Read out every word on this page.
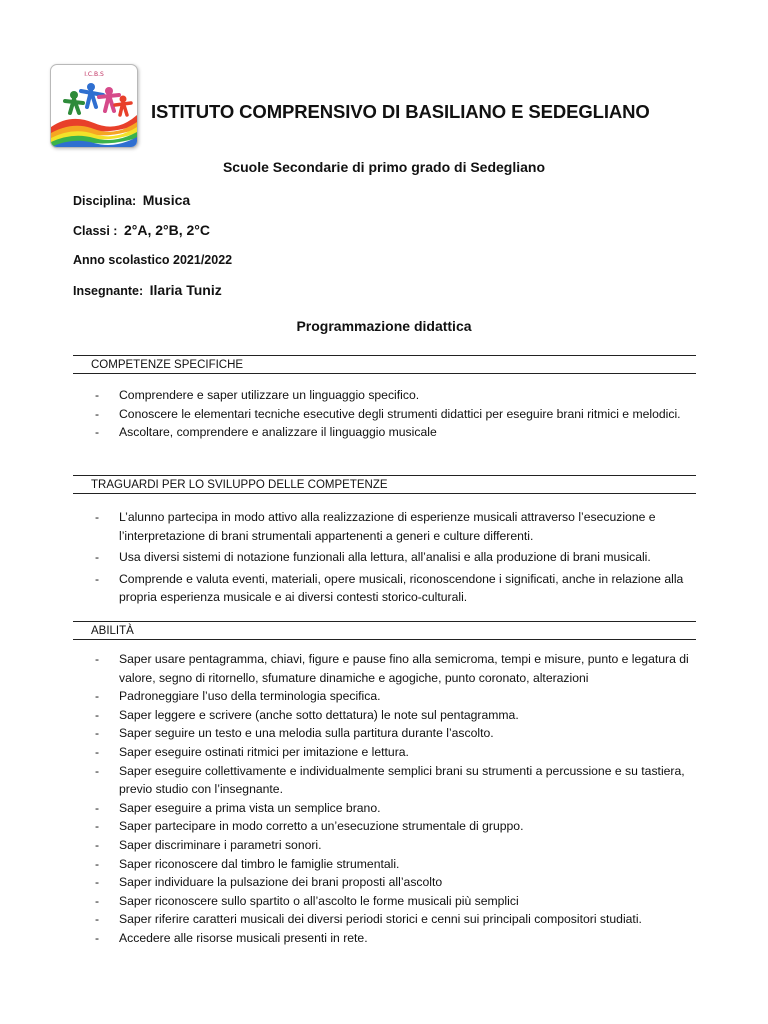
I.C.B.S
ISTITUTO COMPRENSIVO DI BASILIANO E SEDEGLIANO
Scuole Secondarie di primo grado di Sedegliano
Disciplina: Musica
Classi : 2°A, 2°B, 2°C
Anno scolastico 2021/2022
Insegnante: Ilaria Tuniz
Programmazione didattica
COMPETENZE SPECIFICHE
- Comprendere e saper utilizzare un linguaggio specifico.
- Conoscere le elementari tecniche esecutive degli strumenti didattici per eseguire brani ritmici e melodici.
- Ascoltare, comprendere e analizzare il linguaggio musicale
TRAGUARDI PER LO SVILUPPO DELLE COMPETENZE
- L’alunno partecipa in modo attivo alla realizzazione di esperienze musicali attraverso l’esecuzione e l’interpretazione di brani strumentali appartenenti a generi e culture differenti.
- Usa diversi sistemi di notazione funzionali alla lettura, all’analisi e alla produzione di brani musicali.
- Comprende e valuta eventi, materiali, opere musicali, riconoscendone i significati, anche in relazione alla propria esperienza musicale e ai diversi contesti storico-culturali.
ABILITÀ
- Saper usare pentagramma, chiavi, figure e pause fino alla semicroma, tempi e misure, punto e legatura di valore, segno di ritornello, sfumature dinamiche e agogiche, punto coronato, alterazioni
- Padroneggiare l’uso della terminologia specifica.
- Saper leggere e scrivere (anche sotto dettatura) le note sul pentagramma.
- Saper seguire un testo e una melodia sulla partitura durante l’ascolto.
- Saper eseguire ostinati ritmici per imitazione e lettura.
- Saper eseguire collettivamente e individualmente semplici brani su strumenti a percussione e su tastiera, previo studio con l’insegnante.
- Saper eseguire a prima vista un semplice brano.
- Saper partecipare in modo corretto a un’esecuzione strumentale di gruppo.
- Saper discriminare i parametri sonori.
- Saper riconoscere dal timbro le famiglie strumentali.
- Saper individuare la pulsazione dei brani proposti all’ascolto
- Saper riconoscere sullo spartito o all’ascolto le forme musicali più semplici
- Saper riferire caratteri musicali dei diversi periodi storici e cenni sui principali compositori studiati.
- Accedere alle risorse musicali presenti in rete.
